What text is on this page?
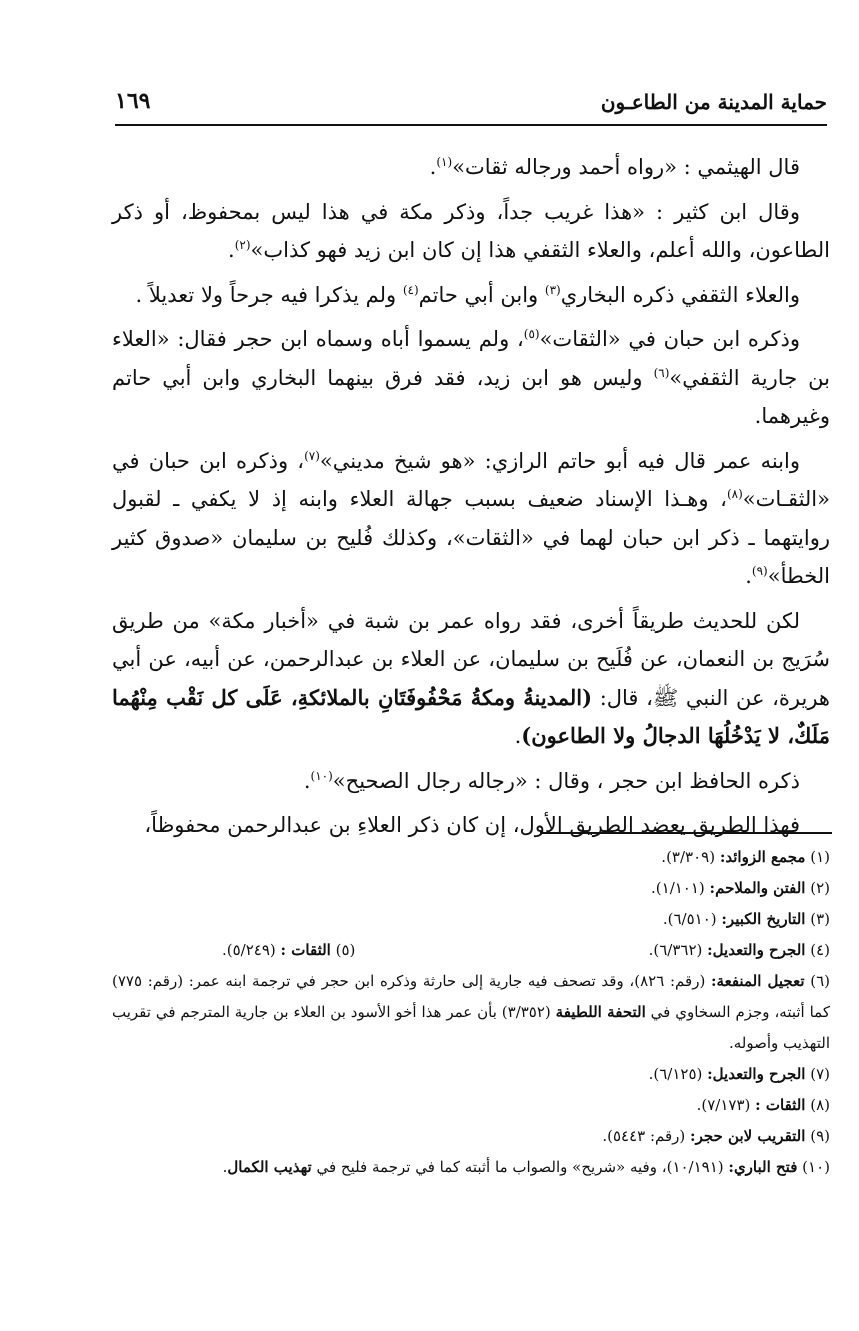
حماية المدينة من الطاعـون
١٦٩

قال الهيثمي : «رواه أحمد ورجاله ثقات»$^{(١)}$.

وقال ابن كثير : «هذا غريب جداً، وذكر مكة في هذا ليس بمحفوظ، أو ذكر الطاعون، والله أعلم، والعلاء الثقفي هذا إن كان ابن زيد فهو كذاب»$^{(٢)}$.

والعلاء الثقفي ذكره البخاري$^{(٣)}$ وابن أبي حاتم$^{(٤)}$ ولم يذكرا فيه جرحاً ولا تعديلاً .

وذكره ابن حبان في «الثقات»$^{(٥)}$، ولم يسموا أباه وسماه ابن حجر فقال: «العلاء بن جارية الثقفي»$^{(٦)}$ وليس هو ابن زيد، فقد فرق بينهما البخاري وابن أبي حاتم وغيرهما.

وابنه عمر قال فيه أبو حاتم الرازي: «هو شيخ مديني»$^{(٧)}$، وذكره ابن حبان في «الثقـات»$^{(٨)}$، وهـذا الإسناد ضعيف بسبب جهالة العلاء وابنه إذ لا يكفي ـ لقبول روايتهما ـ ذكر ابن حبان لهما في «الثقات»، وكذلك فُليح بن سليمان «صدوق كثير الخطأ»$^{(٩)}$.

لكن للحديث طريقاً أخرى، فقد رواه عمر بن شبة في «أخبار مكة» من طريق سُرَيج بن النعمان، عن فُلَيح بن سليمان، عن العلاء بن عبدالرحمن، عن أبيه، عن أبي هريرة، عن النبي ﷺ، قال: (المدينةُ ومكةُ مَحْفُوفَتَانِ بالملائكةِ، عَلَى كل نَقْب مِنْهُما مَلَكٌ، لا يَدْخُلُهَا الدجالُ ولا الطاعون).

ذكره الحافظ ابن حجر ، وقال : «رجاله رجال الصحيح»$^{(١٠)}$.

فهذا الطريق يعضد الطريق الأول، إن كان ذكر العلاءِ بن عبدالرحمن محفوظاً،

(١) مجمع الزوائد: (٣/٣٠٩).

(٢) الفتن والملاحم: (١/١٠١).

(٣) التاريخ الكبير: (٦/٥١٠).

(٤) الجرح والتعديل: (٦/٣٦٢).

(٥) الثقات : (٥/٢٤٩).

(٦) تعجيل المنفعة: (رقم: ٨٢٦)، وقد تصحف فيه جارية إلى حارثة وذكره ابن حجر في ترجمة ابنه عمر: (رقم: ٧٧٥) كما أثبته، وجزم السخاوي في التحفة اللطيفة (٣/٣٥٢) بأن عمر هذا أخو الأسود بن العلاء بن جارية المترجم في تقريب التهذيب وأصوله.

(٧) الجرح والتعديل: (٦/١٢٥).

(٨) الثقات : (٧/١٧٣).

(٩) التقريب لابن حجر: (رقم: ٥٤٤٣).

(١٠) فتح الباري: (١٠/١٩١)، وفيه «شريح» والصواب ما أثبته كما في ترجمة فليح في تهذيب الكمال.
